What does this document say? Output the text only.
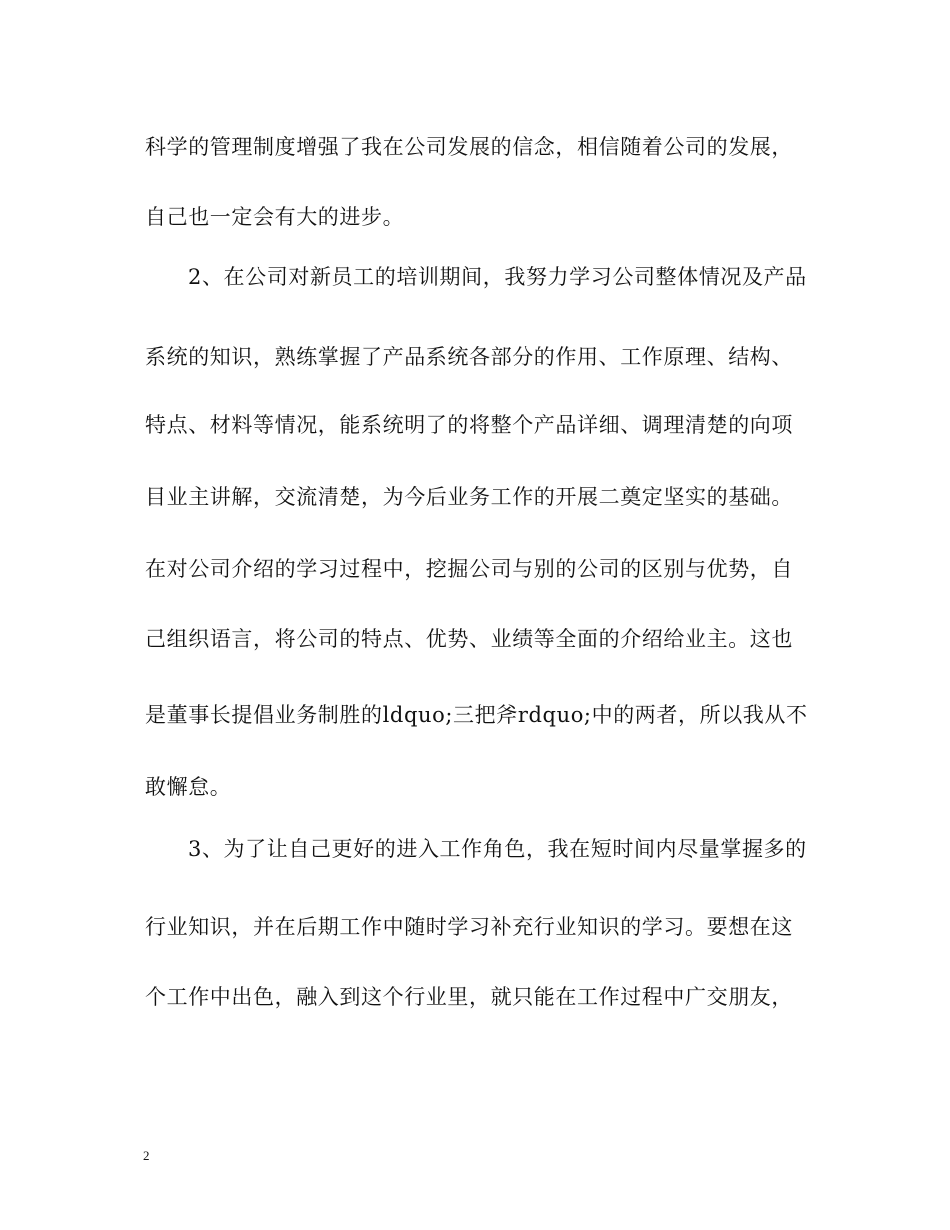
科学的管理制度增强了我在公司发展的信念，相信随着公司的发展，
自己也一定会有大的进步。
2、在公司对新员工的培训期间，我努力学习公司整体情况及产品
系统的知识，熟练掌握了产品系统各部分的作用、工作原理、结构、
特点、材料等情况，能系统明了的将整个产品详细、调理清楚的向项
目业主讲解，交流清楚，为今后业务工作的开展二奠定坚实的基础。
在对公司介绍的学习过程中，挖掘公司与别的公司的区别与优势，自
己组织语言，将公司的特点、优势、业绩等全面的介绍给业主。这也
是董事长提倡业务制胜的ldquo;三把斧rdquo;中的两者，所以我从不
敢懈怠。
3、为了让自己更好的进入工作角色，我在短时间内尽量掌握多的
行业知识，并在后期工作中随时学习补充行业知识的学习。要想在这
个工作中出色，融入到这个行业里，就只能在工作过程中广交朋友，
2
